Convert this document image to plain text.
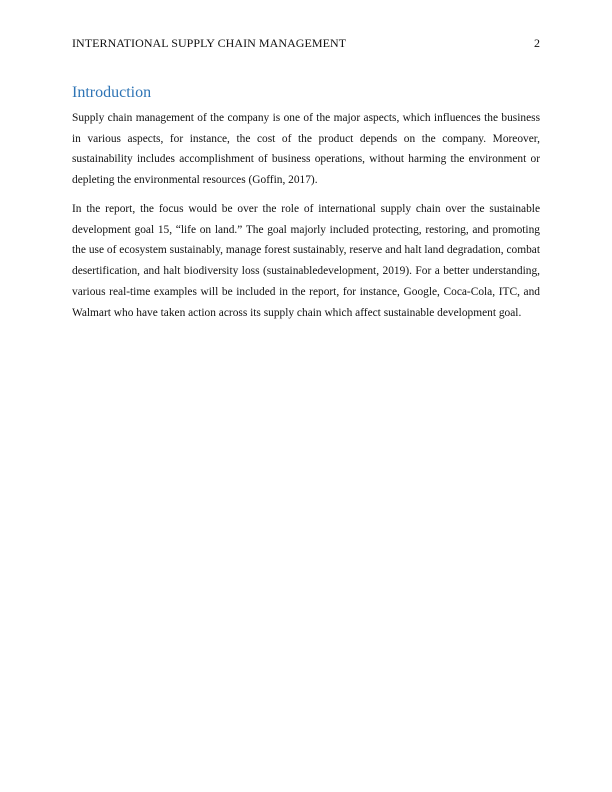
INTERNATIONAL SUPPLY CHAIN MANAGEMENT	2
Introduction

Supply chain management of the company is one of the major aspects, which influences the business in various aspects, for instance, the cost of the product depends on the company. Moreover, sustainability includes accomplishment of business operations, without harming the environment or depleting the environmental resources (Goffin, 2017).

In the report, the focus would be over the role of international supply chain over the sustainable development goal 15, “life on land.” The goal majorly included protecting, restoring, and promoting the use of ecosystem sustainably, manage forest sustainably, reserve and halt land degradation, combat desertification, and halt biodiversity loss (sustainabledevelopment, 2019). For a better understanding, various real-time examples will be included in the report, for instance, Google, Coca-Cola, ITC, and Walmart who have taken action across its supply chain which affect sustainable development goal.
